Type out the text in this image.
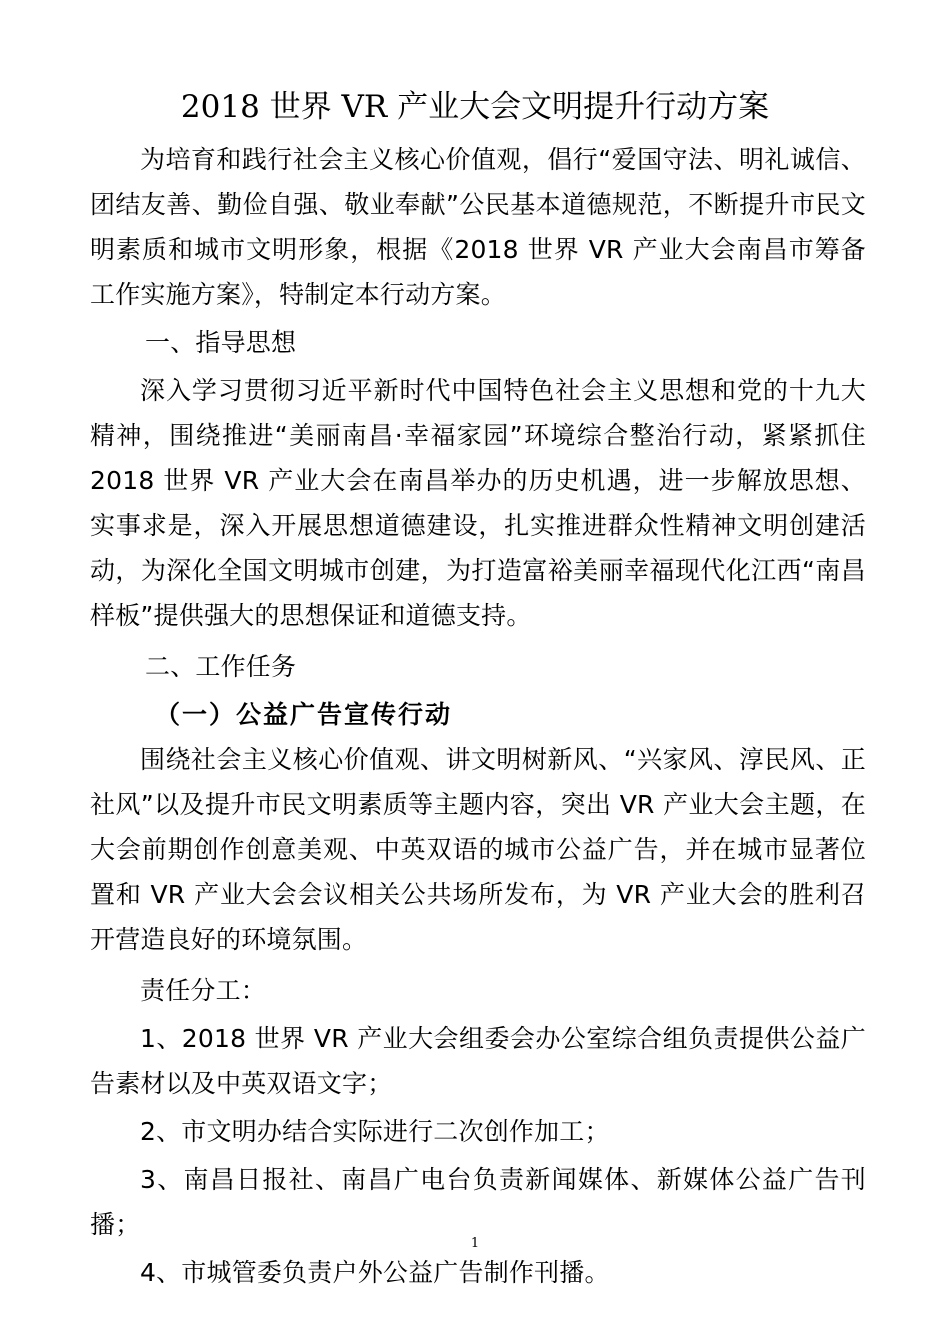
2018 世界 VR 产业大会文明提升行动方案

为培育和践行社会主义核心价值观，倡行“爱国守法、明礼诚信、团结友善、勤俭自强、敬业奉献”公民基本道德规范，不断提升市民文明素质和城市文明形象，根据《2018 世界 VR 产业大会南昌市筹备工作实施方案》，特制定本行动方案。

一、指导思想

深入学习贯彻习近平新时代中国特色社会主义思想和党的十九大精神，围绕推进“美丽南昌·幸福家园”环境综合整治行动，紧紧抓住 2018 世界 VR 产业大会在南昌举办的历史机遇，进一步解放思想、实事求是，深入开展思想道德建设，扎实推进群众性精神文明创建活动，为深化全国文明城市创建，为打造富裕美丽幸福现代化江西“南昌样板”提供强大的思想保证和道德支持。

二、工作任务

（一）公益广告宣传行动

围绕社会主义核心价值观、讲文明树新风、“兴家风、淳民风、正社风”以及提升市民文明素质等主题内容，突出 VR 产业大会主题，在大会前期创作创意美观、中英双语的城市公益广告，并在城市显著位置和 VR 产业大会会议相关公共场所发布，为 VR 产业大会的胜利召开营造良好的环境氛围。

责任分工：

1、2018 世界 VR 产业大会组委会办公室综合组负责提供公益广告素材以及中英双语文字；

2、市文明办结合实际进行二次创作加工；

3、南昌日报社、南昌广电台负责新闻媒体、新媒体公益广告刊播；

4、市城管委负责户外公益广告制作刊播。

1
